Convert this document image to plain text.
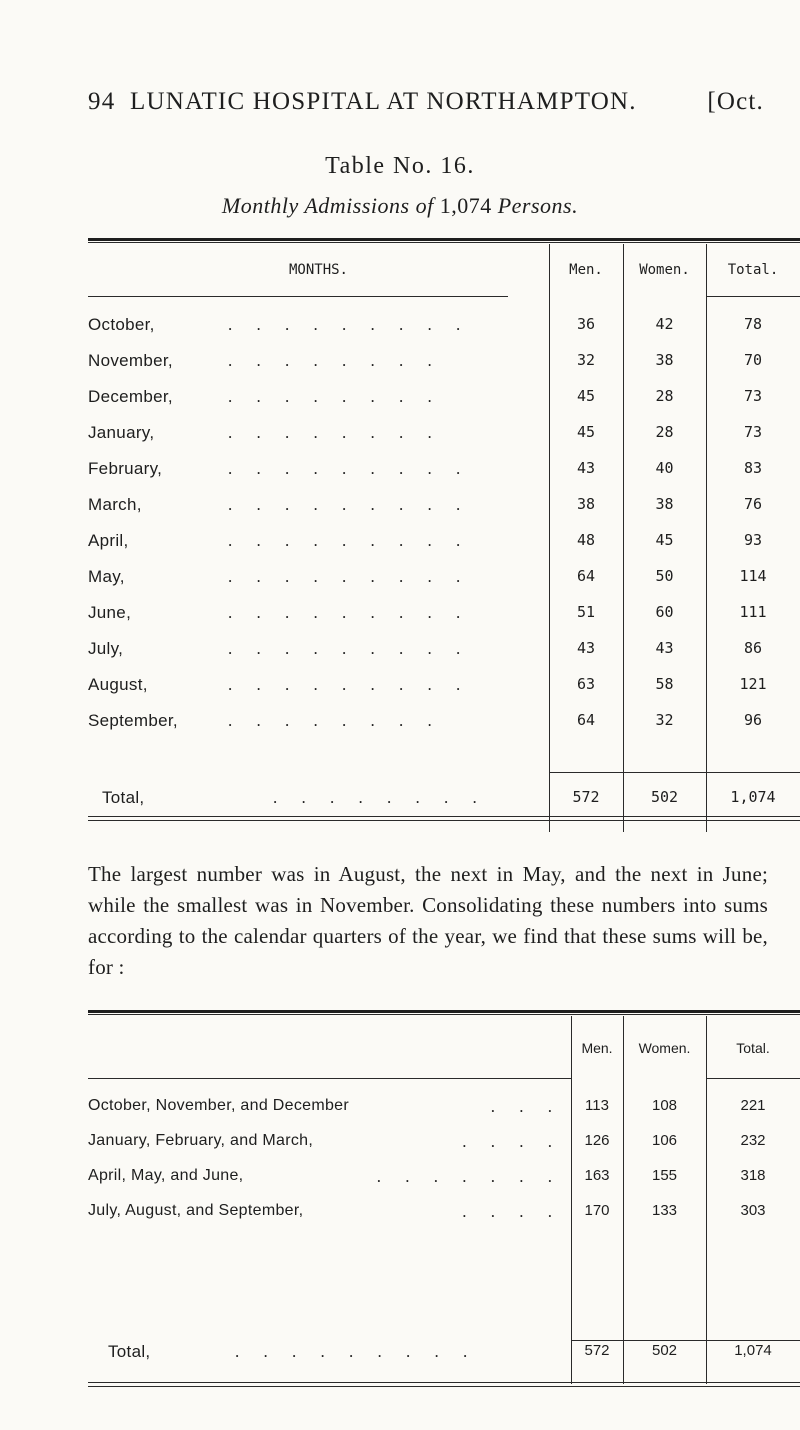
94 LUNATIC HOSPITAL AT NORTHAMPTON.	[Oct.
Table No. 16.
Monthly Admissions of 1,074 Persons.
MONTHS.	Men.	Women.	Total.
October,	. . . . . . . . .	36	42	78
November,	. . . . . . . .	32	38	70
December,	. . . . . . . .	45	28	73
January,	. . . . . . . .	45	28	73
February,	. . . . . . . . .	43	40	83
March,	. . . . . . . . .	38	38	76
April,	. . . . . . . . .	48	45	93
May,	. . . . . . . . .	64	50	114
June,	. . . . . . . . .	51	60	111
July,	. . . . . . . . .	43	43	86
August,	. . . . . . . . .	63	58	121
September,	. . . . . . . .	64	32	96
Total,	. . . . . . . .	572	502	1,074

The largest number was in August, the next in May, and the next in June; while the smallest was in November. Consolidating these numbers into sums according to the calendar quarters of the year, we find that these sums will be, for :

Men.	Women.	Total.
October, November, and December	. . .	113	108	221
January, February, and March,	. . . .	126	106	232
April, May, and June,	. . . . . . .	163	155	318
July, August, and September,	. . . .	170	133	303
Total,	. . . . . . . . .	572	502	1,074
